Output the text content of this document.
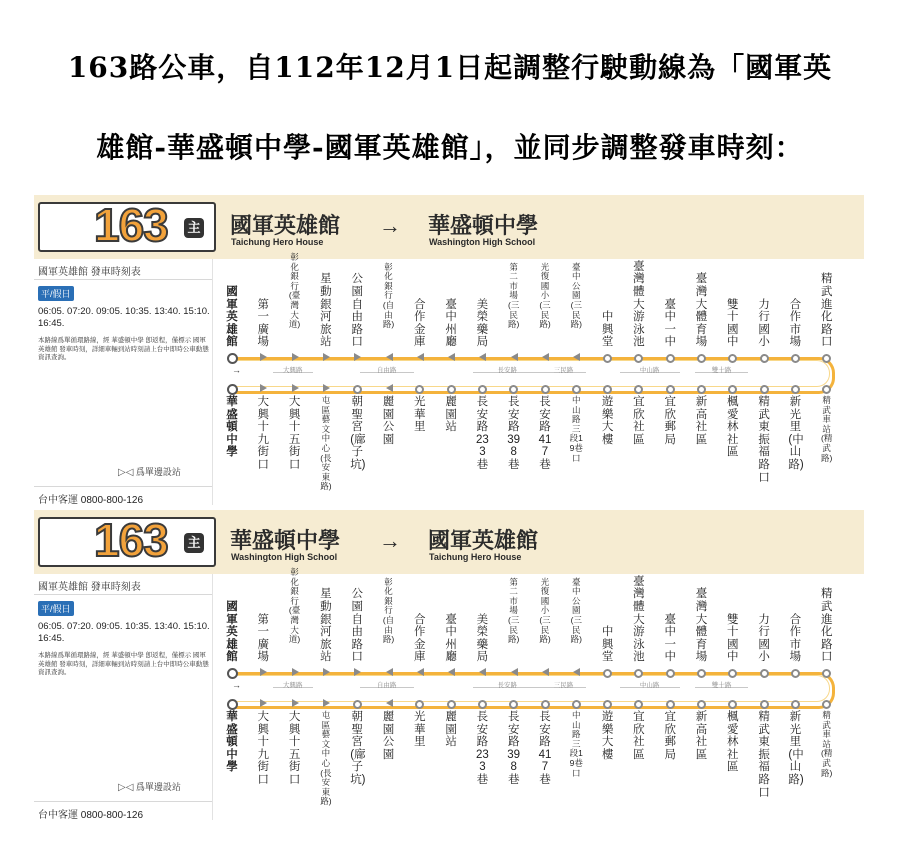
163路公車，自112年12月1日起調整行駛動線為「國軍英
雄館-華盛頓中學-國軍英雄館」，並同步調整發車時刻：
163 主 國軍英雄館
Taichung Hero House
→ 華盛頓中學
Washington High School
國軍英雄館 發車時刻表
平/假日
06:05. 07:20. 09:05. 10:35. 13:40. 15:10. 16:45.
本路線爲單循環路線，經 華盛頓中學 卽返程，僅標示 國軍英雄館 發車時刻，詳細車輛到站時刻請上台中即時公車動態資訊查詢。
▷◁ 爲單邊設站
台中客運 0800-800-126
→	大興路	自由路	長安路	三民路	中山路	雙十路
國軍英雄館
第一廣場
彰化銀行(臺灣大道)
星動銀河旅站
公園自由路口
彰化銀行(自由路)
合作金庫
臺中州廳
美榮藥局
第二市場(三民路)
光復國小(三民路)
臺中公園(三民路)
中興堂
臺灣體大游泳池
臺中一中
臺灣大體育場
雙十國中
力行國小
合作市場
精武進化路口
華盛頓中學
大興十九街口
大興十五街口
屯區藝文中心(長安東路)
朝聖宮(廍子坑)
麗園公園
光華里
麗園站
長安路233巷
長安路398巷
長安路417巷
中山路三段19巷口
遊樂大樓
宜欣社區
宜欣郵局
新高社區
楓愛林社區
精武東振福路口
新光里(中山路)
精武車站(精武路)
163 主 華盛頓中學
Washington High School
→ 國軍英雄館
Taichung Hero House
國軍英雄館 發車時刻表
平/假日
06:05. 07:20. 09:05. 10:35. 13:40. 15:10. 16:45.
本路線爲單循環路線，經 華盛頓中學 卽返程，僅標示 國軍英雄館 發車時刻，詳細車輛到站時刻請上台中即時公車動態資訊查詢。
▷◁ 爲單邊設站
台中客運 0800-800-126
→	大興路	自由路	長安路	三民路	中山路	雙十路
國軍英雄館
第一廣場
彰化銀行(臺灣大道)
星動銀河旅站
公園自由路口
彰化銀行(自由路)
合作金庫
臺中州廳
美榮藥局
第二市場(三民路)
光復國小(三民路)
臺中公園(三民路)
中興堂
臺灣體大游泳池
臺中一中
臺灣大體育場
雙十國中
力行國小
合作市場
精武進化路口
華盛頓中學
大興十九街口
大興十五街口
屯區藝文中心(長安東路)
朝聖宮(廍子坑)
麗園公園
光華里
麗園站
長安路233巷
長安路398巷
長安路417巷
中山路三段19巷口
遊樂大樓
宜欣社區
宜欣郵局
新高社區
楓愛林社區
精武東振福路口
新光里(中山路)
精武車站(精武路)
